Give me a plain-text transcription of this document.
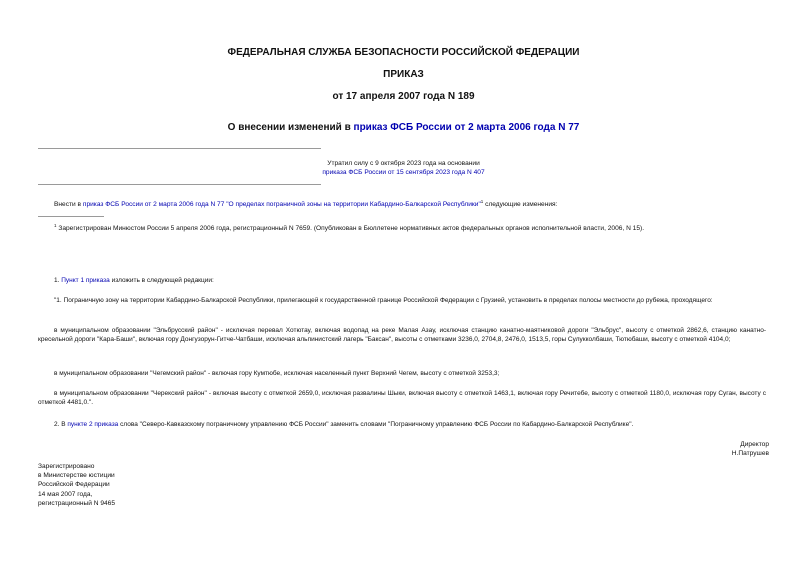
ФЕДЕРАЛЬНАЯ СЛУЖБА БЕЗОПАСНОСТИ РОССИЙСКОЙ ФЕДЕРАЦИИ
ПРИКАЗ
от 17 апреля 2007 года N 189
О внесении изменений в приказ ФСБ России от 2 марта 2006 года N 77
Утратил силу с 9 октября 2023 года на основании
приказа ФСБ России от 15 сентября 2023 года N 407
Внести в приказ ФСБ России от 2 марта 2006 года N 77 "О пределах пограничной зоны на территории Кабардино-Балкарской Республики"$^1$ следующие изменения:
$^1$ Зарегистрирован Минюстом России 5 апреля 2006 года, регистрационный N 7659. (Опубликован в Бюллетене нормативных актов федеральных органов исполнительной власти, 2006, N 15).
1. Пункт 1 приказа изложить в следующей редакции:
"1. Пограничную зону на территории Кабардино-Балкарской Республики, прилегающей к государственной границе Российской Федерации с Грузией, установить в пределах полосы местности до рубежа, проходящего:
в муниципальном образовании "Эльбрусский район" - исключая перевал Хотютау, включая водопад на реке Малая Азау, исключая станцию канатно-маятниковой дороги "Эльбрус", высоту с отметкой 2862,6, станцию канатно-кресельной дороги "Кара-Баши", включая гору Донгузорун-Гитче-Чатбаши, исключая альпинистский лагерь "Баксан", высоты с отметками 3236,0, 2704,8, 2476,0, 1513,5, горы Сулукколбаши, Тютюбаши, высоту с отметкой 4104,0;
в муниципальном образовании "Чегемский район" - включая гору Кумтюбе, исключая населенный пункт Верхний Чегем, высоту с отметкой 3253,3;
в муниципальном образовании "Черекский район" - включая высоту с отметкой 2659,0, исключая развалины Шыки, включая высоту с отметкой 1463,1, включая гору Речитебе, высоту с отметкой 1180,0, исключая гору Суган, высоту с отметкой 4481,0.".
2. В пункте 2 приказа слова "Северо-Кавказскому пограничному управлению ФСБ России" заменить словами "Пограничному управлению ФСБ России по Кабардино-Балкарской Республике".
Директор
Н.Патрушев
Зарегистрировано
в Министерстве юстиции
Российской Федерации
14 мая 2007 года,
регистрационный N 9465
